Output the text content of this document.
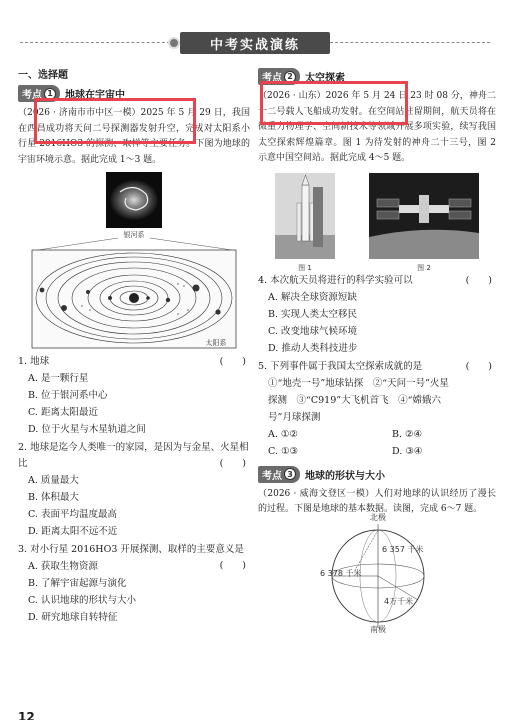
中考实战演练
一、选择题
考点 1	地球在宇宙中
（2026 · 济南市市中区一模）2025 年 5 月 29 日，我国在西昌成功将天问二号探测器发射升空，完成对太阳系小行星 2016HO3 的探测、取样等主要任务。下图为地球的宇宙环境示意。据此完成 1～3 题。
银河系
太阳系
1. 地球	(　　)
A. 是一颗行星
B. 位于银河系中心
C. 距离太阳最近
D. 位于火星与木星轨道之间
2. 地球是迄今人类唯一的家园，是因为与金星、火星相比	(　　)
A. 质量最大
B. 体积最大
C. 表面平均温度最高
D. 距离太阳不远不近
3. 对小行星 2016HO3 开展探测、取样的主要意义是
(　　)
A. 获取生物资源
B. 了解宇宙起源与演化
C. 认识地球的形状与大小
D. 研究地球自转特征
考点 2	太空探索
（2026 · 山东）2026 年 5 月 24 日 23 时 08 分，神舟二十二号载人飞船成功发射。在空间站驻留期间，航天员将在微重力物理学、空间新技术等领域开展多项实验，续写我国太空探索辉煌篇章。图 1 为待发射的神舟二十三号，图 2 示意中国空间站。据此完成 4～5 题。
图 1	图 2
4. 本次航天员将进行的科学实验可以	(　　)
A. 解决全球资源短缺
B. 实现人类太空移民
C. 改变地球气候环境
D. 推动人类科技进步
5. 下列事件属于我国太空探索成就的是	(　　)
①“地壳一号”地球钻探　②“天问一号”火星
探测　③“C919”大飞机首飞　④“嫦娥六
号”月球探测
A. ①②	B. ②④
C. ①③	D. ③④
考点 3	地球的形状与大小
（2026 · 威海文登区一模）人们对地球的认识经历了漫长的过程。下图是地球的基本数据。读图，完成 6～7 题。
北极
南极
6 357 千米
6 378 千米
4万千米
12
